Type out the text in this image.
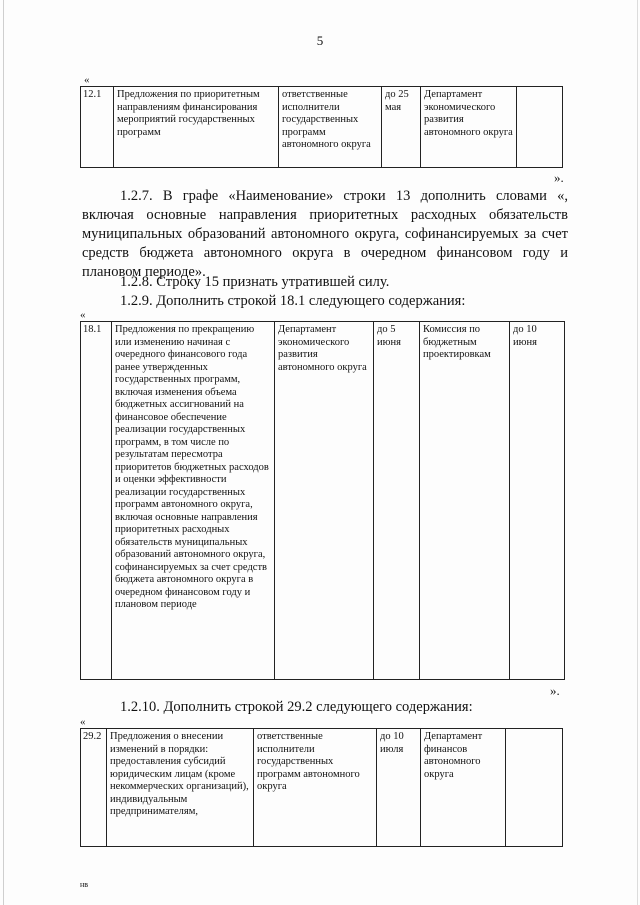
5
«
12.1	Предложения по приоритетным направлениям финансирования мероприятий государственных программ	ответственные исполнители государственных программ автономного округа	до 25 мая	Департамент экономического развития автономного округа	
».
1.2.7. В графе «Наименование» строки 13 дополнить словами «, включая основные направления приоритетных расходных обязательств муниципальных образований автономного округа, софинансируемых за счет средств бюджета автономного округа в очередном финансовом году и плановом периоде».
1.2.8. Строку 15 признать утратившей силу.
1.2.9. Дополнить строкой 18.1 следующего содержания:
«
18.1	Предложения по прекращению или изменению начиная с очередного финансового года ранее утвержденных государственных программ, включая изменения объема бюджетных ассигнований на финансовое обеспечение реализации государственных программ, в том числе по результатам пересмотра приоритетов бюджетных расходов и оценки эффективности реализации государственных программ автономного округа, включая основные направления приоритетных расходных обязательств муниципальных образований автономного округа, софинансируемых за счет средств бюджета автономного округа в очередном финансовом году и плановом периоде	Департамент экономического развития автономного округа	до 5 июня	Комиссия по бюджетным проектировкам	до 10 июня
».
1.2.10. Дополнить строкой 29.2 следующего содержания:
«
29.2	Предложения о внесении изменений в порядки: предоставления субсидий юридическим лицам (кроме некоммерческих организаций), индивидуальным предпринимателям,	ответственные исполнители государственных программ автономного округа	до 10 июля	Департамент финансов автономного округа	
нв
